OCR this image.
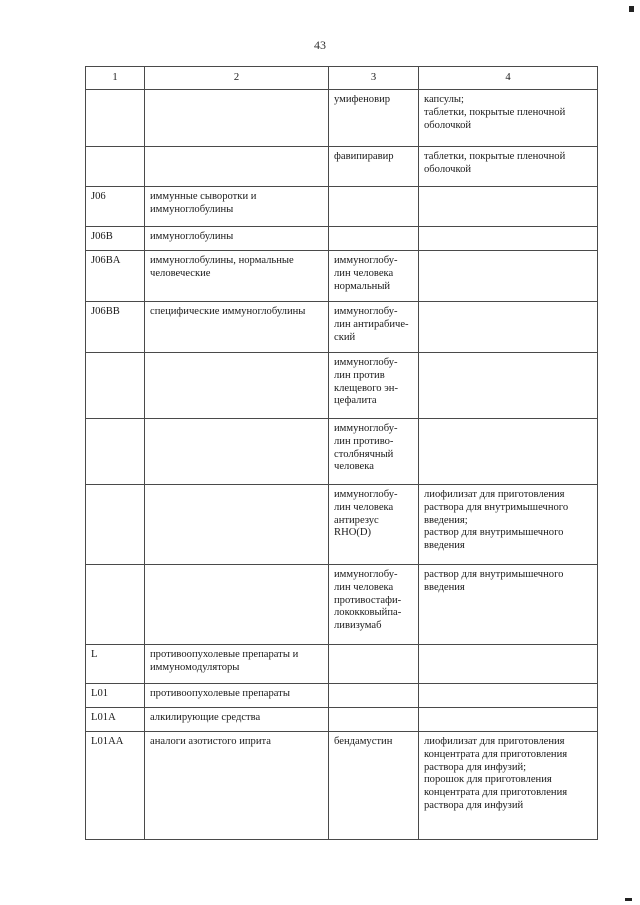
43
1	2	3	4
		умифеновир	капсулы;
таблетки, покрытые пленочной оболочкой
		фавипиравир	таблетки, покрытые пленочной оболочкой
J06	иммунные сыворотки и иммуноглобулины		
J06B	иммуноглобулины		
J06BA	иммуноглобулины, нормальные человеческие	иммуноглобу-
лин человека нормальный	
J06BB	специфические иммуноглобулины	иммуноглобу-
лин антирабиче-
ский	
		иммуноглобу-
лин против клещевого эн-
цефалита	
		иммуноглобу-
лин противо-
столбнячный человека	
		иммуноглобу-
лин человека антирезус RHO(D)	лиофилизат для приготовления раствора для внутримышечного введения;
раствор для внутримышечного введения
		иммуноглобу-
лин человека противостафи-
лококковыйпа-
ливизумаб	раствор для внутримышечного введения
L	противоопухолевые препараты и иммуномодуляторы		
L01	противоопухолевые препараты		
L01A	алкилирующие средства		
L01AA	аналоги азотистого иприта	бендамустин	лиофилизат для приготовления концентрата для приготовления раствора для инфузий;
порошок для приготовления концентрата для приготовления раствора для инфузий
